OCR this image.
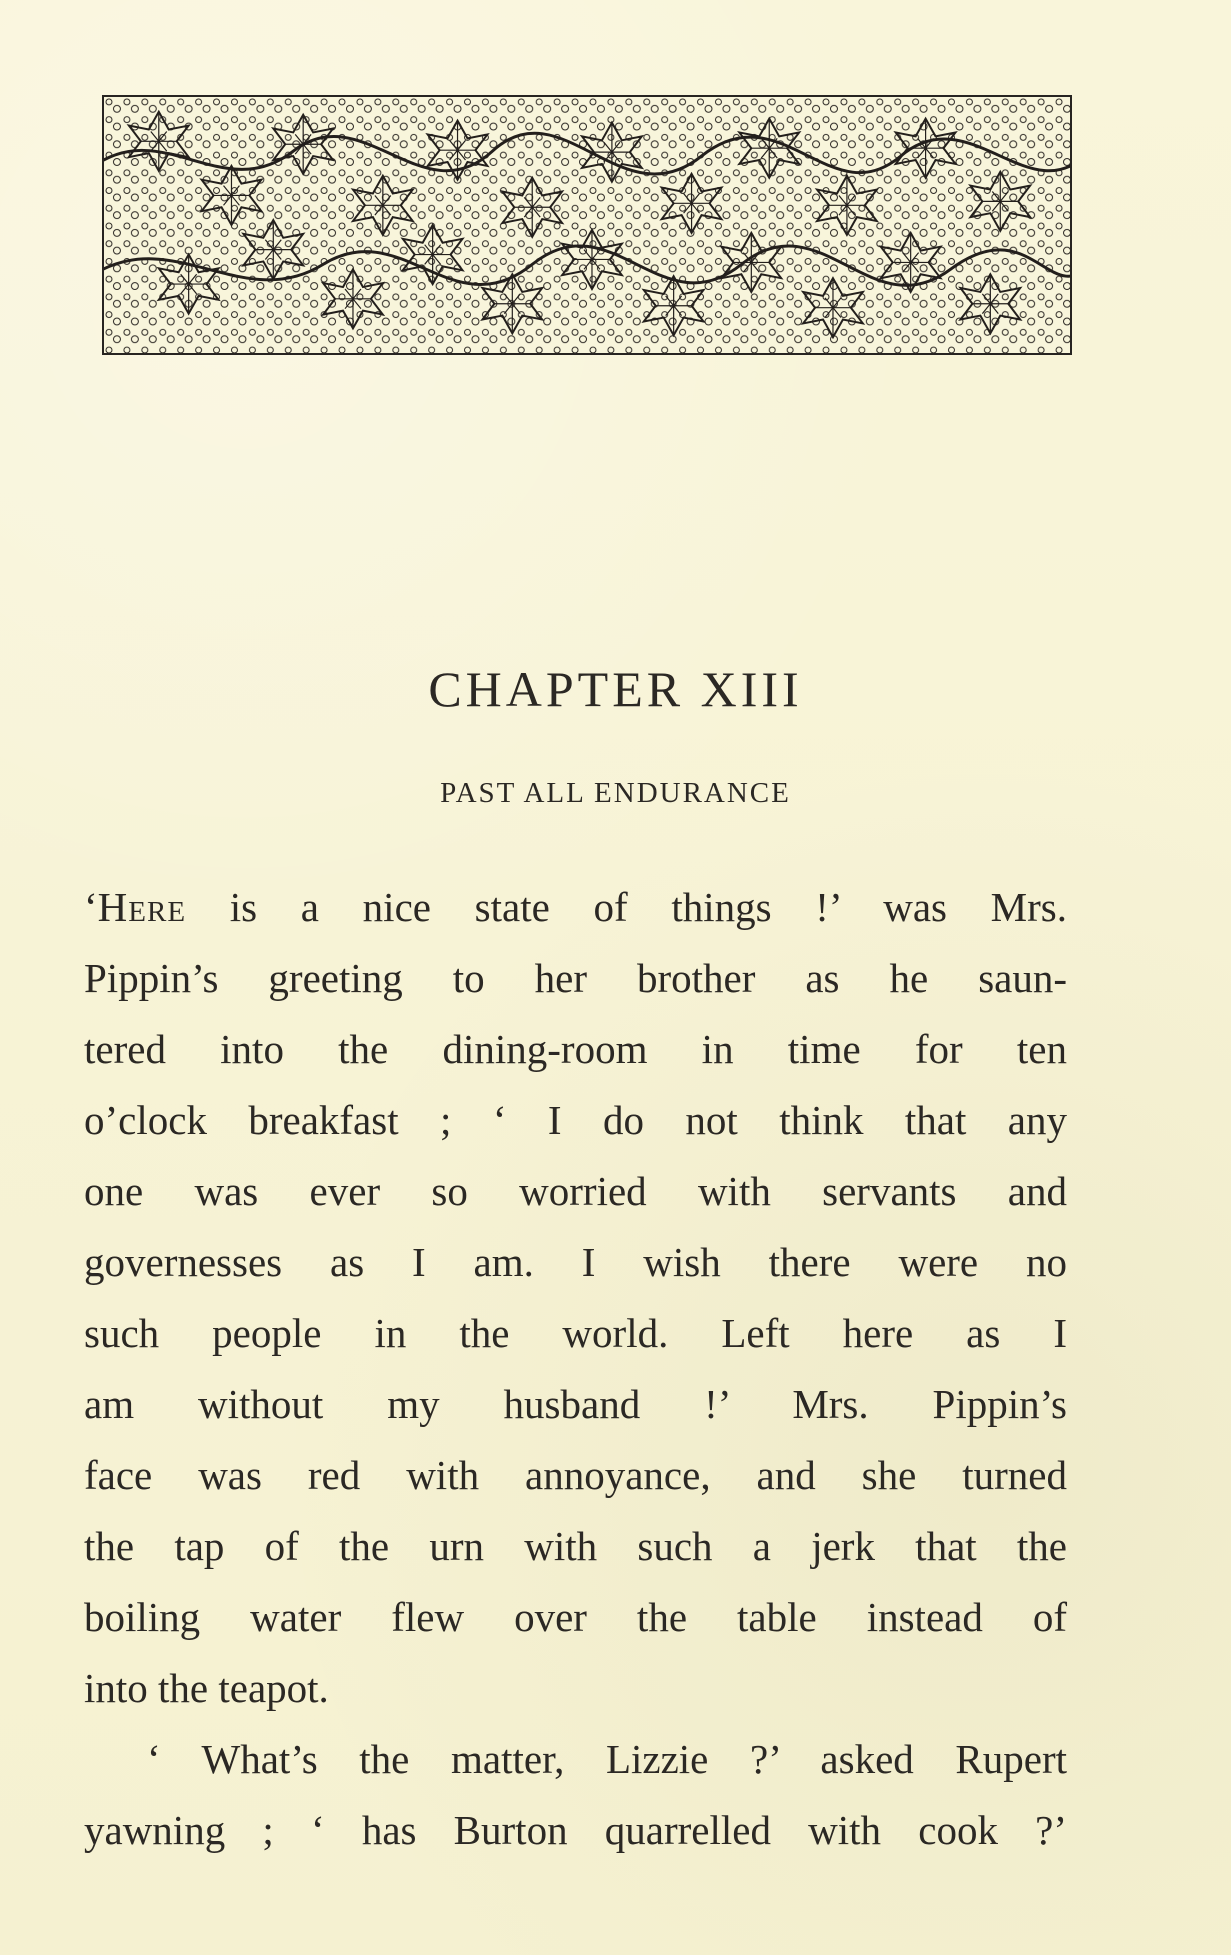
CHAPTER XIII
PAST ALL ENDURANCE

‘Here is a nice state of things !’ was Mrs.

Pippin’s greeting to her brother as he saun-

tered into the dining-room in time for ten

o’clock breakfast ; ‘ I do not think that any

one was ever so worried with servants and

governesses as I am. I wish there were no

such people in the world. Left here as I

am without my husband !’ Mrs. Pippin’s

face was red with annoyance, and she turned

the tap of the urn with such a jerk that the

boiling water flew over the table instead of

into the teapot.

‘ What’s the matter, Lizzie ?’ asked Rupert

yawning ; ‘ has Burton quarrelled with cook ?’
